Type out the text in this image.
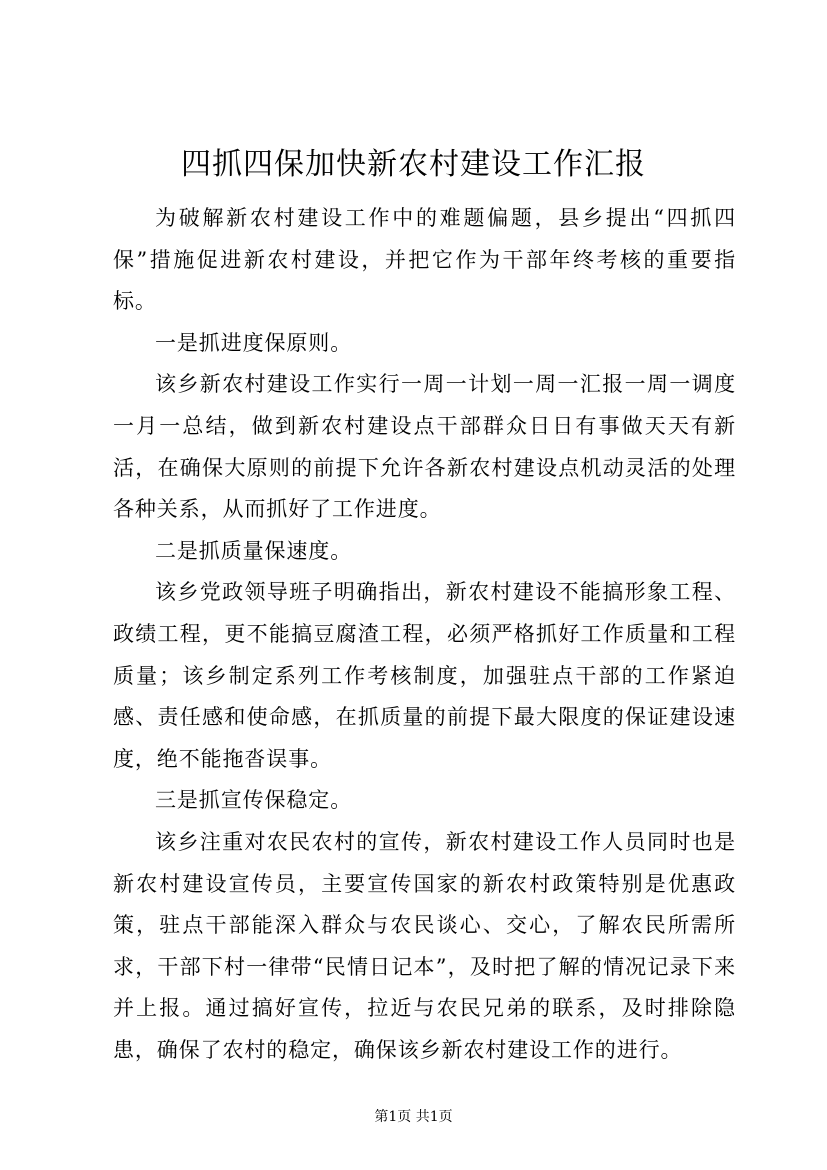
四抓四保加快新农村建设工作汇报

为破解新农村建设工作中的难题偏题，县乡提出“四抓四保”措施促进新农村建设，并把它作为干部年终考核的重要指标。

一是抓进度保原则。

该乡新农村建设工作实行一周一计划一周一汇报一周一调度一月一总结，做到新农村建设点干部群众日日有事做天天有新活，在确保大原则的前提下允许各新农村建设点机动灵活的处理各种关系，从而抓好了工作进度。

二是抓质量保速度。

该乡党政领导班子明确指出，新农村建设不能搞形象工程、政绩工程，更不能搞豆腐渣工程，必须严格抓好工作质量和工程质量；该乡制定系列工作考核制度，加强驻点干部的工作紧迫感、责任感和使命感，在抓质量的前提下最大限度的保证建设速度，绝不能拖沓误事。

三是抓宣传保稳定。

该乡注重对农民农村的宣传，新农村建设工作人员同时也是新农村建设宣传员，主要宣传国家的新农村政策特别是优惠政策，驻点干部能深入群众与农民谈心、交心，了解农民所需所求，干部下村一律带“民情日记本”，及时把了解的情况记录下来并上报。通过搞好宣传，拉近与农民兄弟的联系，及时排除隐患，确保了农村的稳定，确保该乡新农村建设工作的进行。

第1页 共1页
